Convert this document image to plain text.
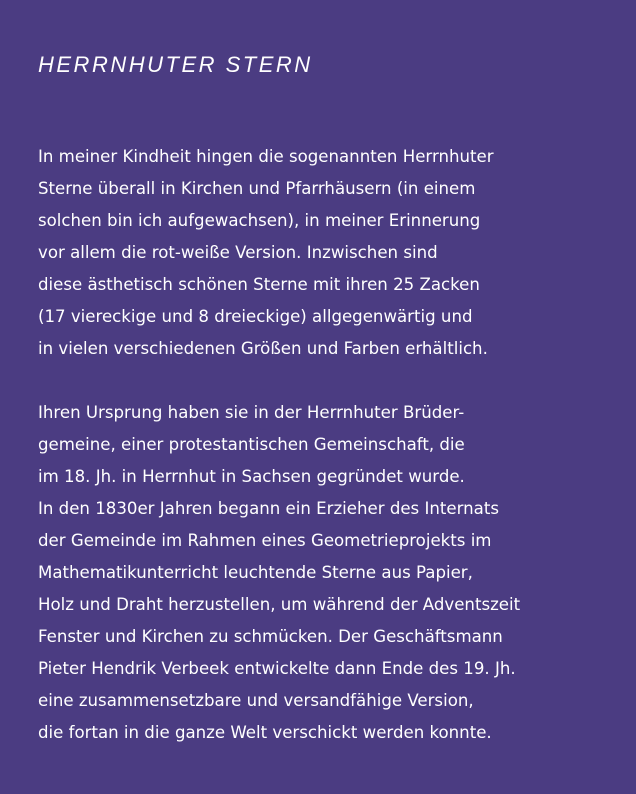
HERRNHUTER STERN

In meiner Kindheit hingen die sogenannten Herrnhuter
Sterne überall in Kirchen und Pfarrhäusern (in einem
solchen bin ich aufgewachsen), in meiner Erinnerung
vor allem die rot-weiße Version. Inzwischen sind
diese ästhetisch schönen Sterne mit ihren 25 Zacken
(17 viereckige und 8 dreieckige) allgegenwärtig und
in vielen verschiedenen Größen und Farben erhältlich.

Ihren Ursprung haben sie in der Herrnhuter Brüder-
gemeine, einer protestantischen Gemeinschaft, die
im 18. Jh. in Herrnhut in Sachsen gegründet wurde.
In den 1830er Jahren begann ein Erzieher des Internats
der Gemeinde im Rahmen eines Geometrieprojekts im
Mathematikunterricht leuchtende Sterne aus Papier,
Holz und Draht herzustellen, um während der Adventszeit
Fenster und Kirchen zu schmücken. Der Geschäftsmann
Pieter Hendrik Verbeek entwickelte dann Ende des 19. Jh.
eine zusammensetzbare und versandfähige Version,
die fortan in die ganze Welt verschickt werden konnte.
